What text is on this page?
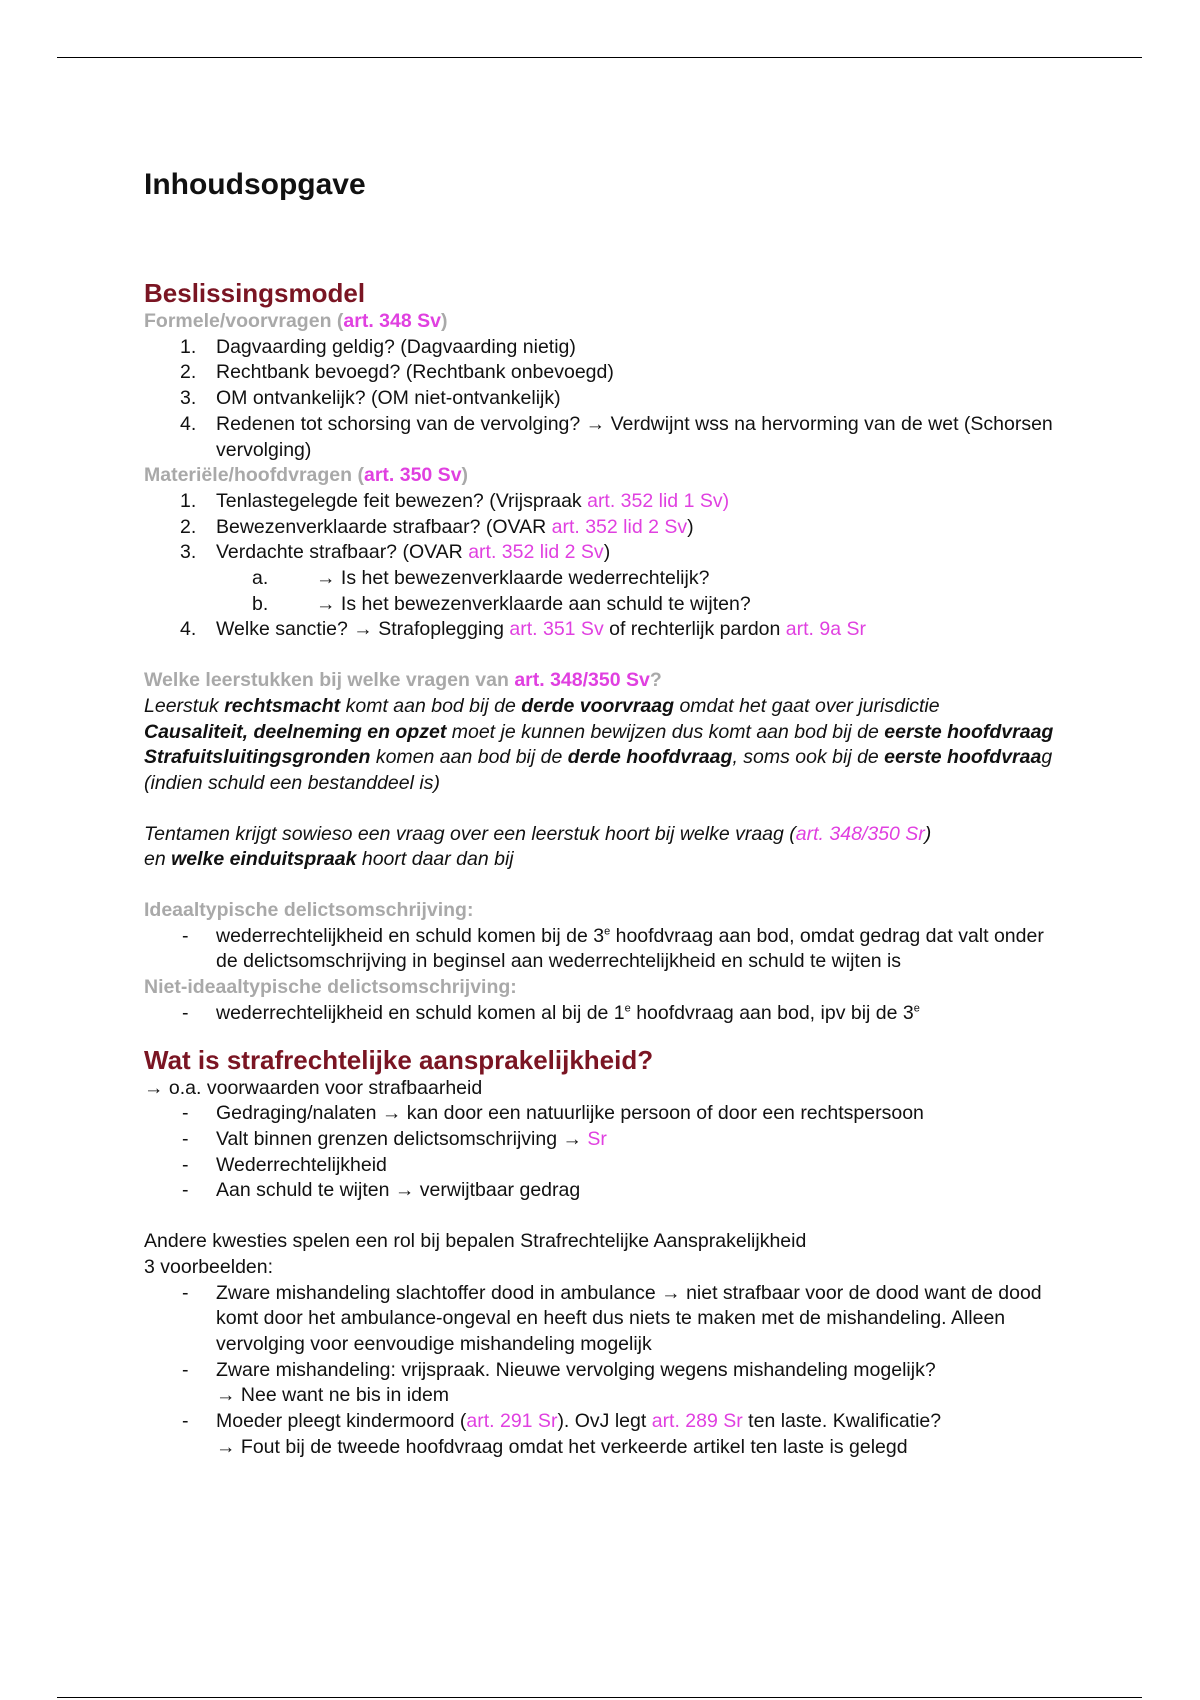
Inhoudsopgave
Beslissingsmodel
Formele/voorvragen (art. 348 Sv)
1.	Dagvaarding geldig? (Dagvaarding nietig)
2.	Rechtbank bevoegd? (Rechtbank onbevoegd)
3.	OM ontvankelijk? (OM niet-ontvankelijk)
4.	Redenen tot schorsing van de vervolging? → Verdwijnt wss na hervorming van de wet (Schorsen vervolging)
Materiële/hoofdvragen (art. 350 Sv)
1.	Tenlastegelegde feit bewezen? (Vrijspraak art. 352 lid 1 Sv)
2.	Bewezenverklaarde strafbaar? (OVAR art. 352 lid 2 Sv)
3.	Verdachte strafbaar? (OVAR art. 352 lid 2 Sv)
a. → Is het bewezenverklaarde wederrechtelijk?
b. → Is het bewezenverklaarde aan schuld te wijten?
4.	Welke sanctie? → Strafoplegging art. 351 Sv of rechterlijk pardon art. 9a Sr
Welke leerstukken bij welke vragen van art. 348/350 Sv?
Leerstuk rechtsmacht komt aan bod bij de derde voorvraag omdat het gaat over jurisdictie
Causaliteit, deelneming en opzet moet je kunnen bewijzen dus komt aan bod bij de eerste hoofdvraag
Strafuitsluitingsgronden komen aan bod bij de derde hoofdvraag, soms ook bij de eerste hoofdvraag (indien schuld een bestanddeel is)
Tentamen krijgt sowieso een vraag over een leerstuk hoort bij welke vraag (art. 348/350 Sr)
en welke einduitspraak hoort daar dan bij
Ideaaltypische delictsomschrijving:
- wederrechtelijkheid en schuld komen bij de 3e hoofdvraag aan bod, omdat gedrag dat valt onder de delictsomschrijving in beginsel aan wederrechtelijkheid en schuld te wijten is
Niet-ideaaltypische delictsomschrijving:
- wederrechtelijkheid en schuld komen al bij de 1e hoofdvraag aan bod, ipv bij de 3e
Wat is strafrechtelijke aansprakelijkheid?
→ o.a. voorwaarden voor strafbaarheid
- Gedraging/nalaten → kan door een natuurlijke persoon of door een rechtspersoon
- Valt binnen grenzen delictsomschrijving → Sr
- Wederrechtelijkheid
- Aan schuld te wijten → verwijtbaar gedrag
Andere kwesties spelen een rol bij bepalen Strafrechtelijke Aansprakelijkheid
3 voorbeelden:
- Zware mishandeling slachtoffer dood in ambulance → niet strafbaar voor de dood want de dood komt door het ambulance-ongeval en heeft dus niets te maken met de mishandeling. Alleen vervolging voor eenvoudige mishandeling mogelijk
- Zware mishandeling: vrijspraak. Nieuwe vervolging wegens mishandeling mogelijk?
→ Nee want ne bis in idem
- Moeder pleegt kindermoord (art. 291 Sr). OvJ legt art. 289 Sr ten laste. Kwalificatie?
→ Fout bij de tweede hoofdvraag omdat het verkeerde artikel ten laste is gelegd
